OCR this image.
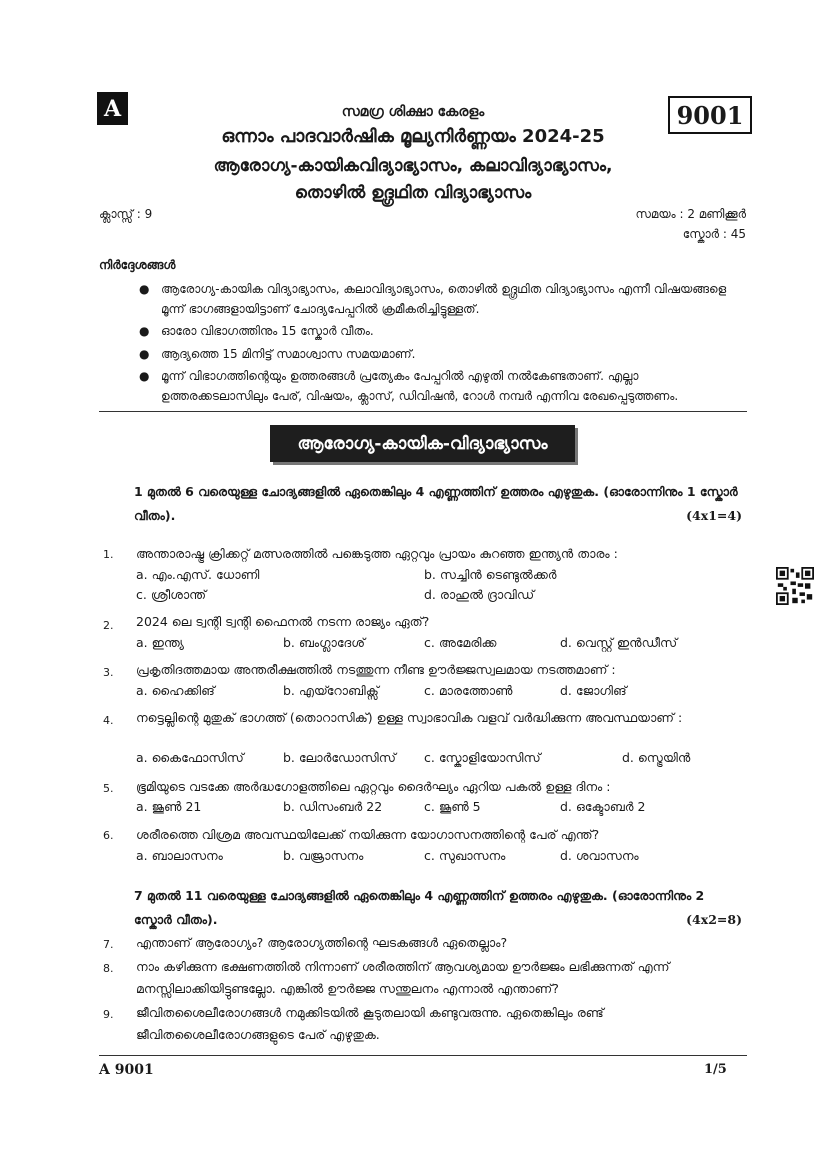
A	9001
സമഗ്ര ശിക്ഷാ കേരളം
ഒന്നാം പാദവാർഷിക മൂല്യനിർണ്ണയം 2024-25
ആരോഗ്യ-കായികവിദ്യാഭ്യാസം, കലാവിദ്യാഭ്യാസം,
തൊഴിൽ ഉദ്ഗ്രഥിത വിദ്യാഭ്യാസം
ക്ലാസ്സ് : 9	സമയം : 2 മണിക്കൂർ
സ്കോർ : 45
നിർദ്ദേശങ്ങൾ
● ആരോഗ്യ-കായിക വിദ്യാഭ്യാസം, കലാവിദ്യാഭ്യാസം, തൊഴിൽ ഉദ്ഗ്രഥിത വിദ്യാഭ്യാസം എന്നീ വിഷയങ്ങളെ മൂന്ന് ഭാഗങ്ങളായിട്ടാണ് ചോദ്യപേപ്പറിൽ ക്രമീകരിച്ചിട്ടുള്ളത്.
● ഓരോ വിഭാഗത്തിനും 15 സ്കോർ വീതം.
● ആദ്യത്തെ 15 മിനിട്ട് സമാശ്വാസ സമയമാണ്.
● മൂന്ന് വിഭാഗത്തിന്റെയും ഉത്തരങ്ങൾ പ്രത്യേകം പേപ്പറിൽ എഴുതി നൽകേണ്ടതാണ്. എല്ലാ ഉത്തരക്കടലാസിലും പേര്, വിഷയം, ക്ലാസ്, ഡിവിഷൻ, റോൾ നമ്പർ എന്നിവ രേഖപ്പെടുത്തണം.
ആരോഗ്യ-കായിക-വിദ്യാഭ്യാസം
1 മുതൽ 6 വരെയുള്ള ചോദ്യങ്ങളിൽ ഏതെങ്കിലും 4 എണ്ണത്തിന് ഉത്തരം എഴുതുക. (ഓരോന്നിനും 1 സ്കോർ വീതം).	(4x1=4)
1. അന്താരാഷ്ട്ര ക്രിക്കറ്റ് മത്സരത്തിൽ പങ്കെടുത്ത ഏറ്റവും പ്രായം കുറഞ്ഞ ഇന്ത്യൻ താരം :
a. എം.എസ്. ധോണി	b. സച്ചിൻ ടെണ്ടുൽക്കർ
c. ശ്രീശാന്ത്	d. രാഹുൽ ദ്രാവിഡ്
2. 2024 ലെ ട്വന്റി ട്വന്റി ഫൈനൽ നടന്ന രാജ്യം ഏത്?
a. ഇന്ത്യ	b. ബംഗ്ലാദേശ്	c. അമേരിക്ക	d. വെസ്റ്റ് ഇൻഡീസ്
3. പ്രകൃതിദത്തമായ അന്തരീക്ഷത്തിൽ നടത്തുന്ന നീണ്ട ഊർജ്ജസ്വലമായ നടത്തമാണ് :
a. ഹൈക്കിങ്	b. എയ്റോബിക്സ്	c. മാരത്തോൺ	d. ജോഗിങ്
4. നട്ടെല്ലിന്റെ മുതുക് ഭാഗത്ത് (തൊറാസിക്) ഉള്ള സ്വാഭാവിക വളവ് വർദ്ധിക്കുന്ന അവസ്ഥയാണ് :
a. കൈഫോസിസ്	b. ലോർഡോസിസ് c. സ്കോളിയോസിസ്	d. സ്ട്രെയിൻ
5. ഭൂമിയുടെ വടക്കേ അർദ്ധഗോളത്തിലെ ഏറ്റവും ദൈർഘ്യം ഏറിയ പകൽ ഉള്ള ദിനം :
a. ജൂൺ 21	b. ഡിസംബർ 22	c. ജൂൺ 5	d. ഒക്ടോബർ 2
6. ശരീരത്തെ വിശ്രമ അവസ്ഥയിലേക്ക് നയിക്കുന്ന യോഗാസനത്തിന്റെ പേര് എന്ത്?
a. ബാലാസനം	b. വജ്രാസനം	c. സുഖാസനം	d. ശവാസനം
7 മുതൽ 11 വരെയുള്ള ചോദ്യങ്ങളിൽ ഏതെങ്കിലും 4 എണ്ണത്തിന് ഉത്തരം എഴുതുക. (ഓരോന്നിനും 2 സ്കോർ വീതം).	(4x2=8)
7. എന്താണ് ആരോഗ്യം? ആരോഗ്യത്തിന്റെ ഘടകങ്ങൾ ഏതെല്ലാം?
8. നാം കഴിക്കുന്ന ഭക്ഷണത്തിൽ നിന്നാണ് ശരീരത്തിന് ആവശ്യമായ ഊർജ്ജം ലഭിക്കുന്നത് എന്ന് മനസ്സിലാക്കിയിട്ടുണ്ടല്ലോ. എങ്കിൽ ഊർജ്ജ സന്തുലനം എന്നാൽ എന്താണ്?
9. ജീവിതശൈലീരോഗങ്ങൾ നമുക്കിടയിൽ കൂടുതലായി കണ്ടുവരുന്നു. ഏതെങ്കിലും രണ്ട് ജീവിതശൈലീരോഗങ്ങളുടെ പേര് എഴുതുക.
A 9001	1/5
